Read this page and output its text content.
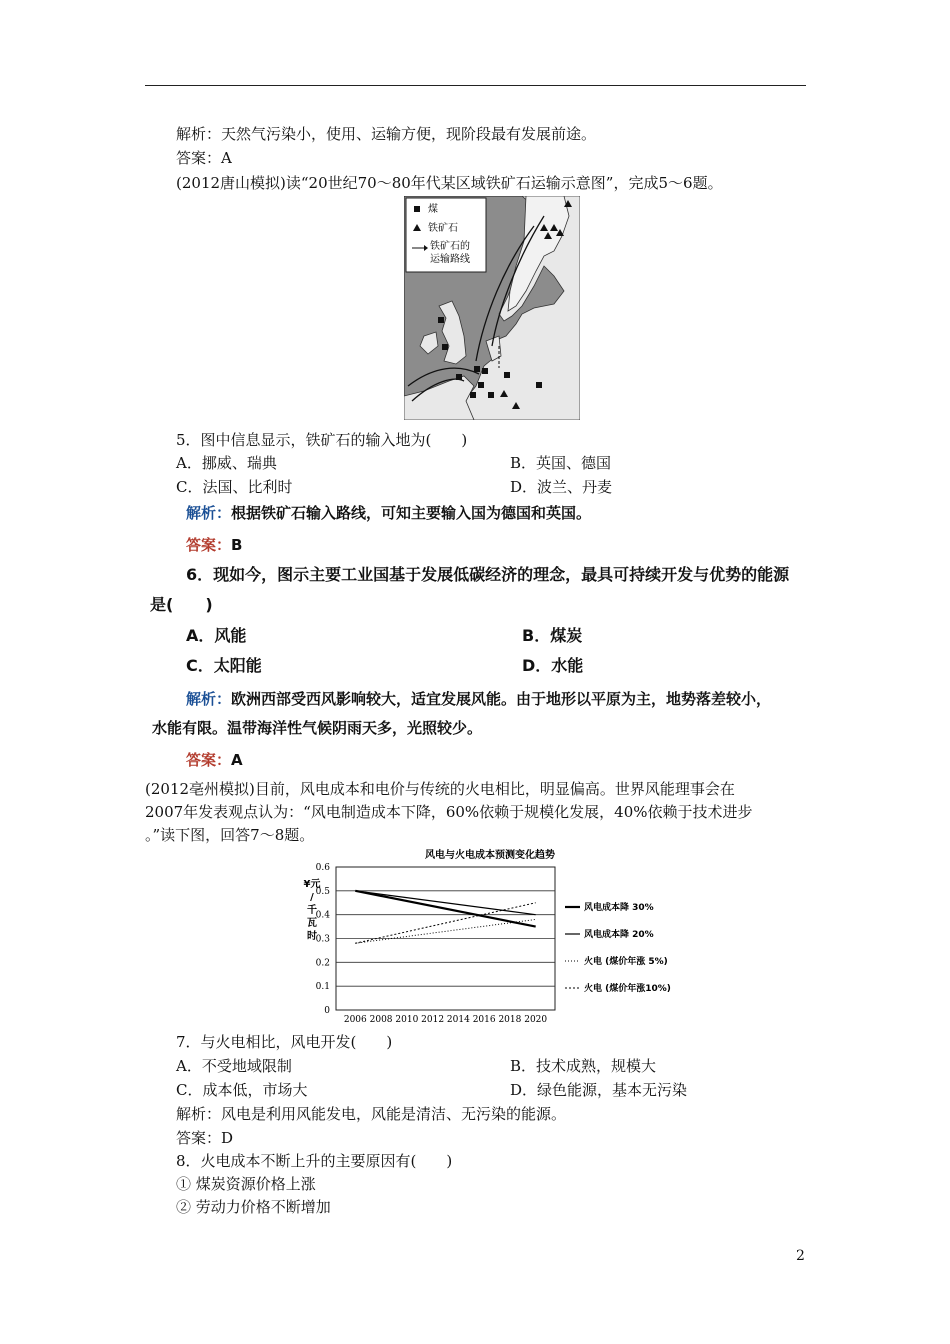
解析：天然气污染小，使用、运输方便，现阶段最有发展前途。
答案：A
(2012唐山模拟)读“20世纪70～80年代某区域铁矿石运输示意图”，完成5～6题。
煤
铁矿石
铁矿石的
运输路线
5．图中信息显示，铁矿石的输入地为(　　)
A．挪威、瑞典	B．英国、德国
C．法国、比利时	D．波兰、丹麦
解析：根据铁矿石输入路线，可知主要输入国为德国和英国。
答案：B
6．现如今，图示主要工业国基于发展低碳经济的理念，最具可持续开发与优势的能源
是(　　)
A．风能	B．煤炭
C．太阳能	D．水能
解析：欧洲西部受西风影响较大，适宜发展风能。由于地形以平原为主，地势落差较小，
水能有限。温带海洋性气候阴雨天多，光照较少。
答案：A
(2012亳州模拟)目前，风电成本和电价与传统的火电相比，明显偏高。世界风能理事会在
2007年发表观点认为：“风电制造成本下降，60%依赖于规模化发展，40%依赖于技术进步
。”读下图，回答7～8题。
风电与火电成本预测变化趋势
¥元
/
千
瓦
时
0
0.1
0.2
0.3
0.4
0.5
0.6
2006 2008 2010 2012 2014 2016 2018 2020
风电成本降 30%
风电成本降 20%
火电 (煤价年涨 5%)
火电 (煤价年涨10%)
7．与火电相比，风电开发(　　)
A．不受地域限制	B．技术成熟，规模大
C．成本低，市场大	D．绿色能源，基本无污染
解析：风电是利用风能发电，风能是清洁、无污染的能源。
答案：D
8．火电成本不断上升的主要原因有(　　)
① 煤炭资源价格上涨
② 劳动力价格不断增加
2
